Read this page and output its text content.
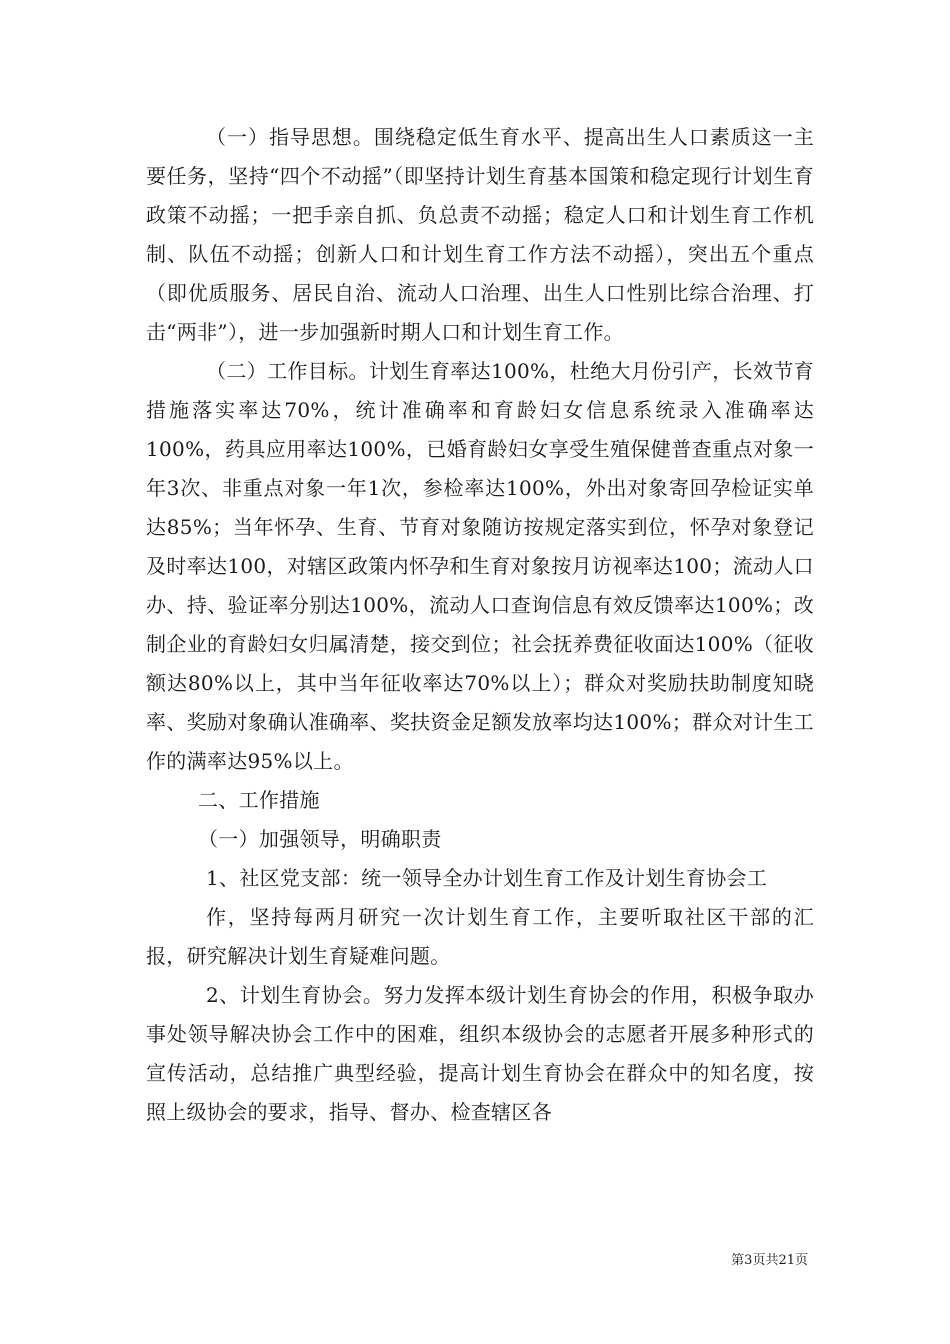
（一）指导思想。围绕稳定低生育水平、提高出生人口素质这一主要任务，坚持“四个不动摇”（即坚持计划生育基本国策和稳定现行计划生育政策不动摇；一把手亲自抓、负总责不动摇；稳定人口和计划生育工作机制、队伍不动摇；创新人口和计划生育工作方法不动摇），突出五个重点（即优质服务、居民自治、流动人口治理、出生人口性别比综合治理、打击“两非”），进一步加强新时期人口和计划生育工作。

（二）工作目标。计划生育率达100%，杜绝大月份引产，长效节育措施落实率达70%，统计准确率和育龄妇女信息系统录入准确率达100%，药具应用率达100%，已婚育龄妇女享受生殖保健普查重点对象一年3次、非重点对象一年1次，参检率达100%，外出对象寄回孕检证实单达85%；当年怀孕、生育、节育对象随访按规定落实到位，怀孕对象登记及时率达100，对辖区政策内怀孕和生育对象按月访视率达100；流动人口办、持、验证率分别达100%，流动人口查询信息有效反馈率达100%；改制企业的育龄妇女归属清楚，接交到位；社会抚养费征收面达100%（征收额达80%以上，其中当年征收率达70%以上）；群众对奖励扶助制度知晓率、奖励对象确认准确率、奖扶资金足额发放率均达100%；群众对计生工作的满率达95%以上。

二、工作措施

（一）加强领导，明确职责

1、社区党支部：统一领导全办计划生育工作及计划生育协会工

作，坚持每两月研究一次计划生育工作，主要听取社区干部的汇报，研究解决计划生育疑难问题。

2、计划生育协会。努力发挥本级计划生育协会的作用，积极争取办事处领导解决协会工作中的困难，组织本级协会的志愿者开展多种形式的宣传活动，总结推广典型经验，提高计划生育协会在群众中的知名度，按照上级协会的要求，指导、督办、检查辖区各

第3页共21页
